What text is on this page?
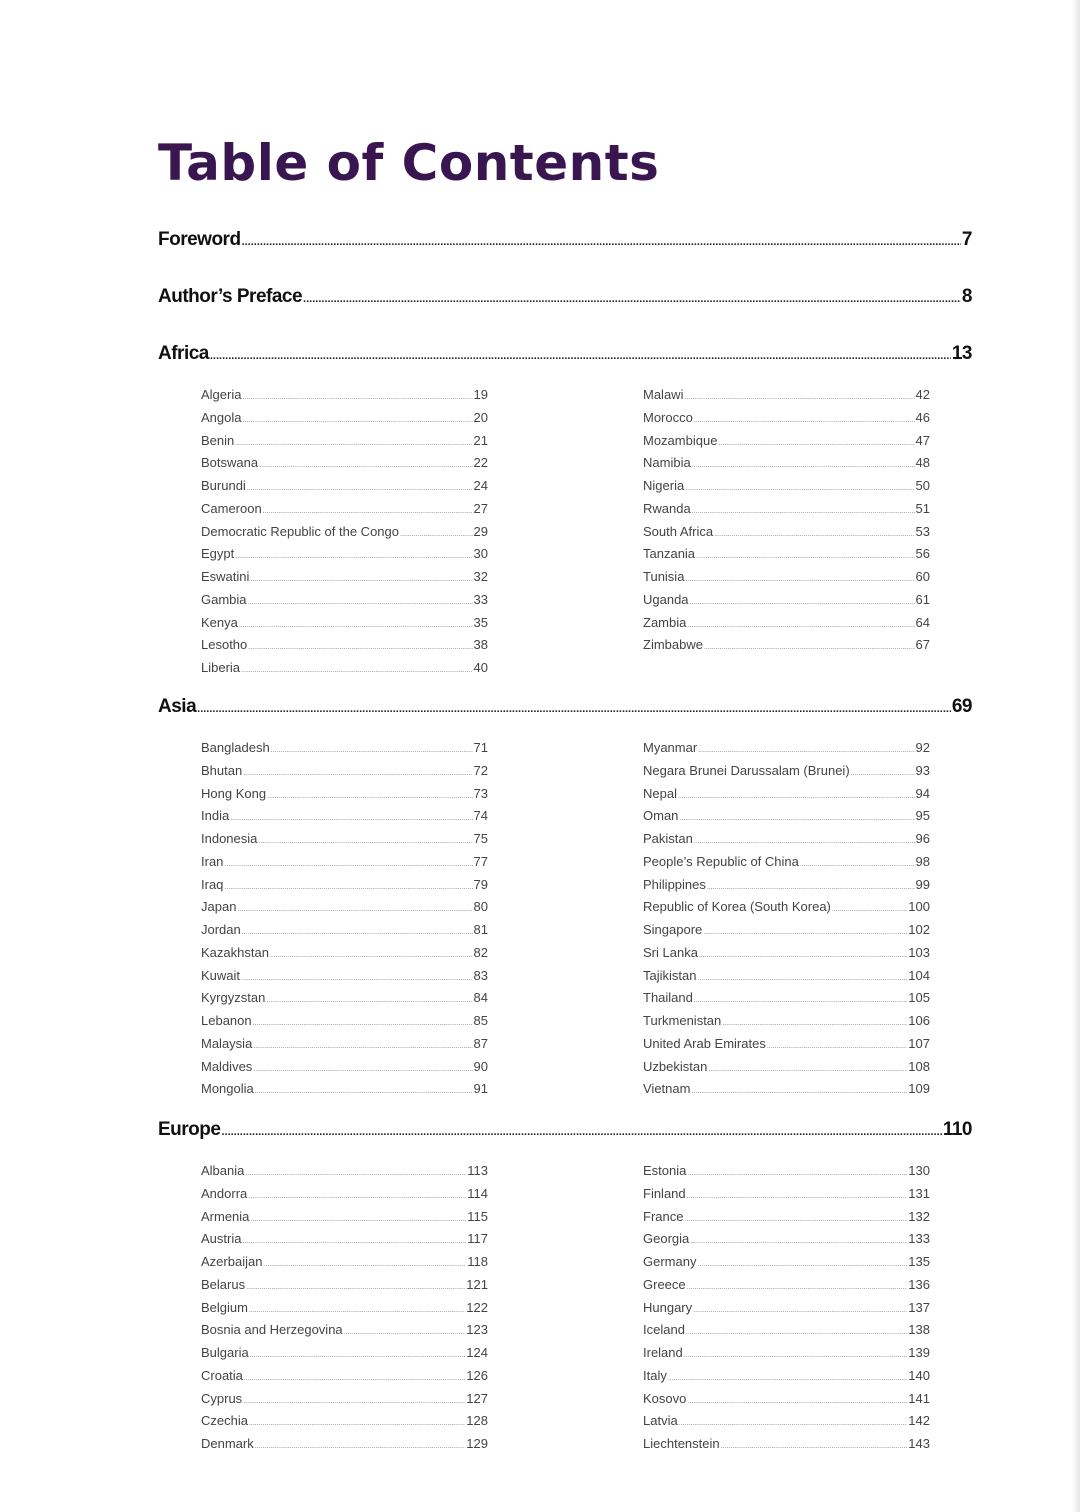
Table of Contents
Foreword .....	7
Author’s Preface .....	8
Africa .....	13
Algeria .....	19
Angola .....	20
Benin .....	21
Botswana .....	22
Burundi .....	24
Cameroon .....	27
Democratic Republic of the Congo .....	29
Egypt .....	30
Eswatini .....	32
Gambia .....	33
Kenya .....	35
Lesotho .....	38
Liberia .....	40
Malawi .....	42
Morocco .....	46
Mozambique .....	47
Namibia .....	48
Nigeria .....	50
Rwanda .....	51
South Africa .....	53
Tanzania .....	56
Tunisia .....	60
Uganda .....	61
Zambia .....	64
Zimbabwe .....	67
Asia .....	69
Bangladesh .....	71
Bhutan .....	72
Hong Kong .....	73
India .....	74
Indonesia .....	75
Iran .....	77
Iraq .....	79
Japan .....	80
Jordan .....	81
Kazakhstan .....	82
Kuwait .....	83
Kyrgyzstan .....	84
Lebanon .....	85
Malaysia .....	87
Maldives .....	90
Mongolia .....	91
Myanmar .....	92
Negara Brunei Darussalam (Brunei) .....	93
Nepal .....	94
Oman .....	95
Pakistan .....	96
People’s Republic of China .....	98
Philippines .....	99
Republic of Korea (South Korea) .....	100
Singapore .....	102
Sri Lanka .....	103
Tajikistan .....	104
Thailand .....	105
Turkmenistan .....	106
United Arab Emirates .....	107
Uzbekistan .....	108
Vietnam .....	109
Europe .....	110
Albania .....	113
Andorra .....	114
Armenia .....	115
Austria .....	117
Azerbaijan .....	118
Belarus .....	121
Belgium .....	122
Bosnia and Herzegovina .....	123
Bulgaria .....	124
Croatia .....	126
Cyprus .....	127
Czechia .....	128
Denmark .....	129
Estonia .....	130
Finland .....	131
France .....	132
Georgia .....	133
Germany .....	135
Greece .....	136
Hungary .....	137
Iceland .....	138
Ireland .....	139
Italy .....	140
Kosovo .....	141
Latvia .....	142
Liechtenstein .....	143
